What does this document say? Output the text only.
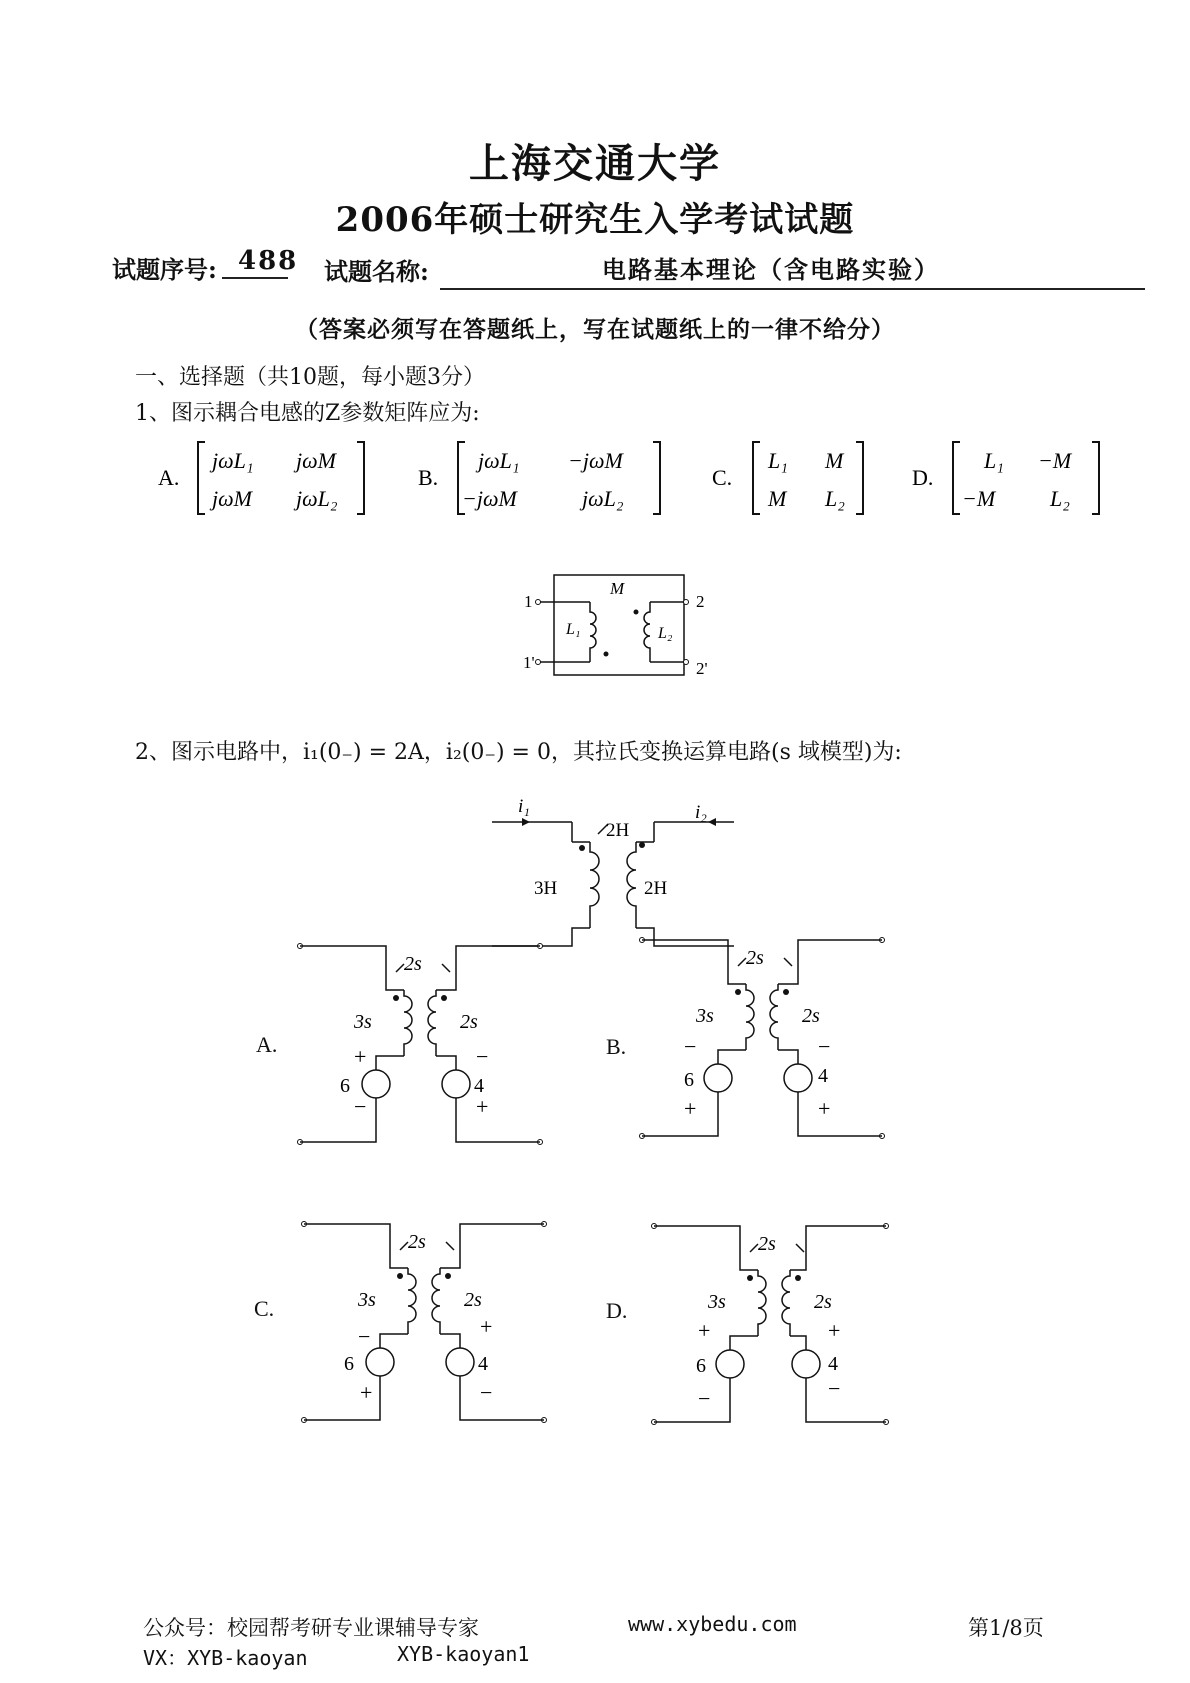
上海交通大学
2006年硕士研究生入学考试试题
试题序号: 488 试题名称:	电路基本理论（含电路实验）
（答案必须写在答题纸上，写在试题纸上的一律不给分）
一、选择题（共10题，每小题3分）
1、图示耦合电感的Z参数矩阵应为:
A.
jωL₁ jωM
jωM jωL₂
B.
jωL₁ −jωM
−jωM	jωL₂
C.
L₁ M
M L₂
D.
L₁ −M
−M L₂
1
1'
2
2'
M
L₁	L₂
2、图示电路中，i₁(0₋) = 2A，i₂(0₋) = 0，其拉氏变换运算电路(s 域模型)为:
i₁	i₂
2H
3H	2H
A.	B.
C.	D.
2s
3s	2s
+
−
6
−
+
4
2s
3s	2s
−
+
6
−
+
4
2s
3s	2s
−
+
6
+
−
4
2s
3s	2s
+
−
6
+
−
4
公众号：校园帮考研专业课辅导专家	www.xybedu.com	第1/8页
VX：XYB-kaoyan	XYB-kaoyan1
